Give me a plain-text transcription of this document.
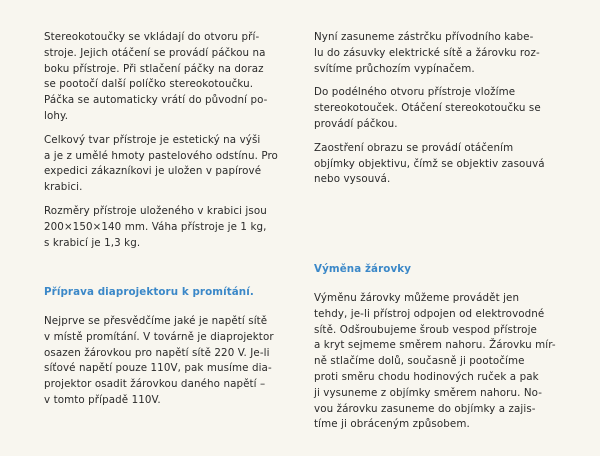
Stereokotoučky se vkládají do otvoru pří-
stroje. Jejich otáčení se provádí páčkou na
boku přístroje. Při stlačení páčky na doraz
se pootočí další políčko stereokotoučku.
Páčka se automaticky vrátí do původní po-
lohy.

Celkový tvar přístroje je estetický na výši
a je z umělé hmoty pastelového odstínu. Pro
expedici zákazníkovi je uložen v papírové
krabici.

Rozměry přístroje uloženého v krabici jsou
200×150×140 mm. Váha přístroje je 1 kg,
s krabicí je 1,3 kg.

Příprava diaprojektoru k promítání.

Nejprve se přesvědčíme jaké je napětí sítě
v místě promítání. V továrně je diaprojektor
osazen žárovkou pro napětí sítě 220 V. Je-li
síťové napětí pouze 110V, pak musíme dia-
projektor osadit žárovkou daného napětí –
v tomto případě 110V.

Nyní zasuneme zástrčku přívodního kabe-
lu do zásuvky elektrické sítě a žárovku roz-
svítíme průchozím vypínačem.

Do podélného otvoru přístroje vložíme
stereokotouček. Otáčení stereokotoučku se
provádí páčkou.

Zaostření obrazu se provádí otáčením
objímky objektivu, čímž se objektiv zasouvá
nebo vysouvá.

Výměna žárovky

Výměnu žárovky můžeme provádět jen
tehdy, je-li přístroj odpojen od elektrovodné
sítě. Odšroubujeme šroub vespod přístroje
a kryt sejmeme směrem nahoru. Žárovku mír-
ně stlačíme dolů, současně ji pootočíme
proti směru chodu hodinových ruček a pak
ji vysuneme z objímky směrem nahoru. No-
vou žárovku zasuneme do objímky a zajis-
tíme ji obráceným způsobem.
